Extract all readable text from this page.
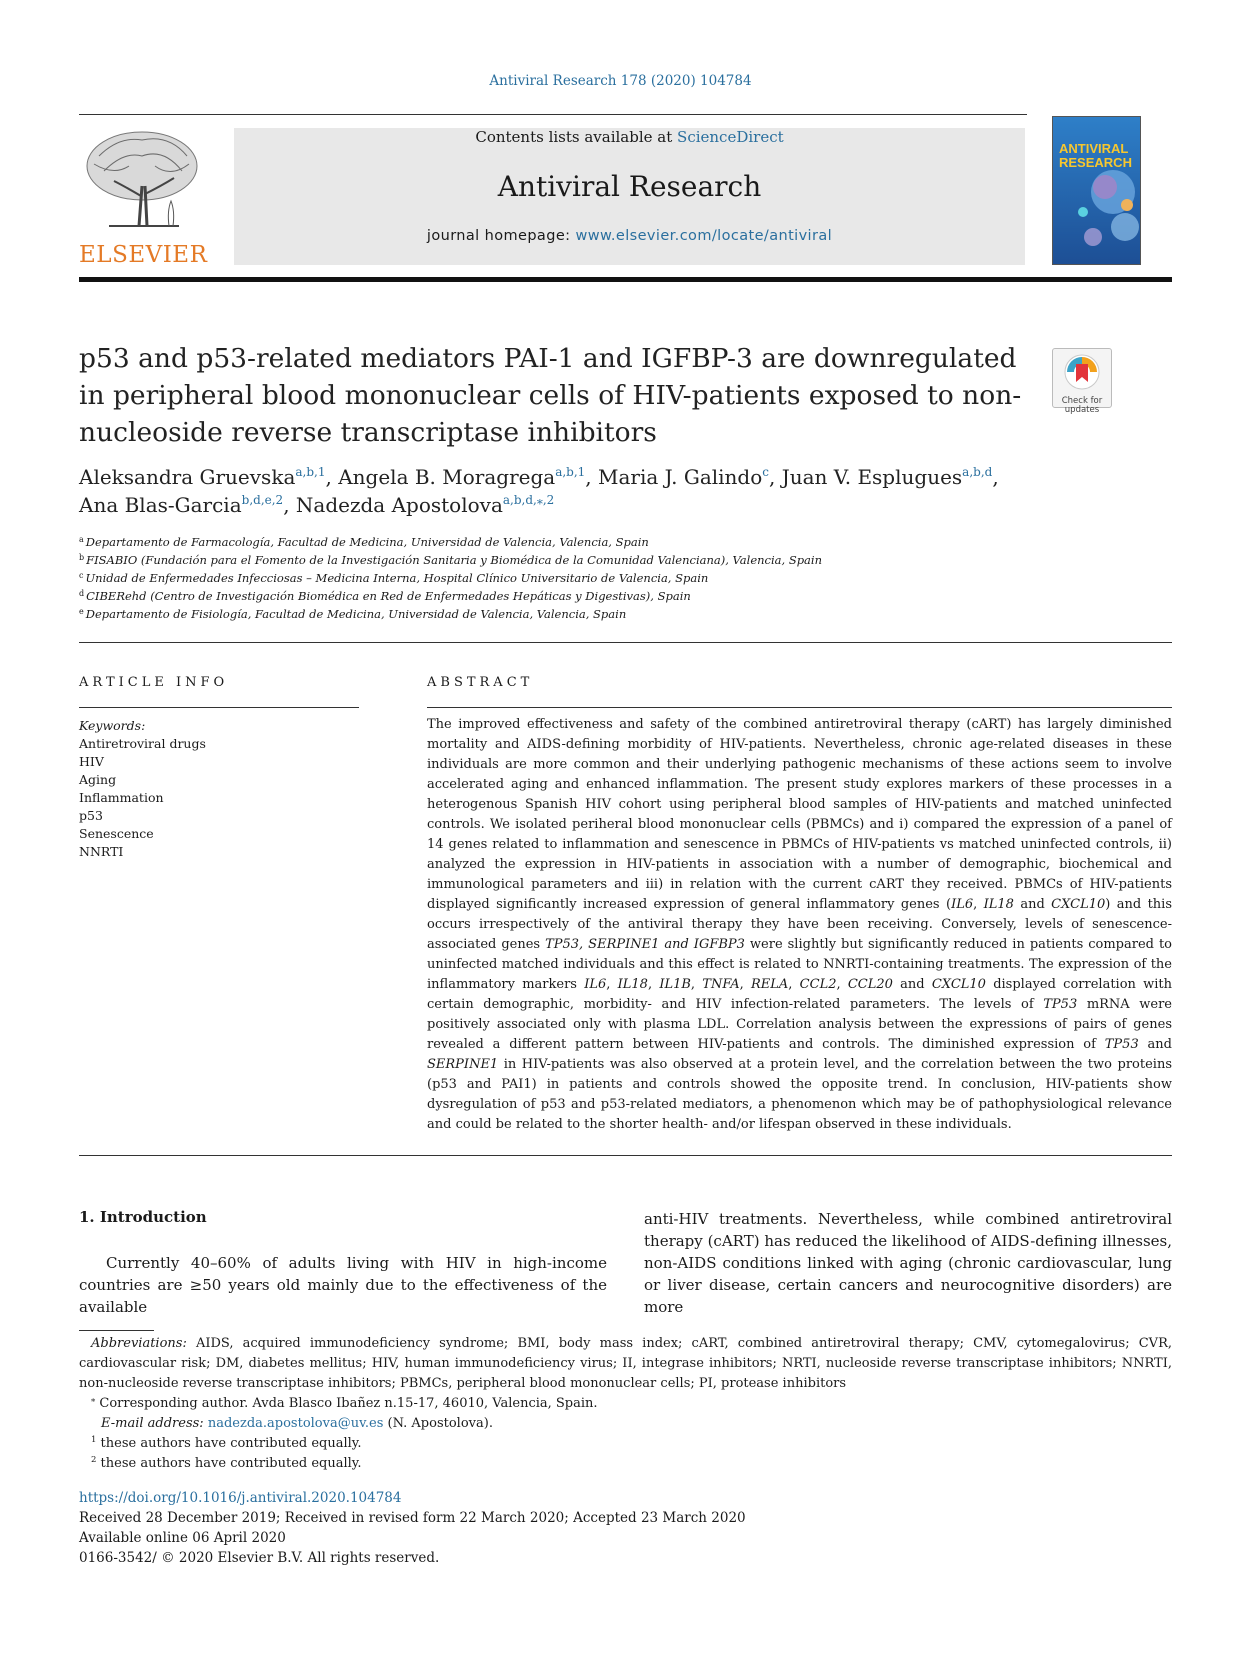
Antiviral Research 178 (2020) 104784
ELSEVIER
Contents lists available at ScienceDirect
Antiviral Research
journal homepage: www.elsevier.com/locate/antiviral
ANTIVIRAL
RESEARCH
p53 and p53-related mediators PAI-1 and IGFBP-3 are downregulated in peripheral blood mononuclear cells of HIV-patients exposed to non-nucleoside reverse transcriptase inhibitors
Check for
updates
Aleksandra Gruevska$^{a,b,1}$, Angela B. Moragrega$^{a,b,1}$, Maria J. Galindo$^c$, Juan V. Esplugues$^{a,b,d}$,
Ana Blas-Garcia$^{b,d,e,2}$, Nadezda Apostolova$^{a,b,d,⁎,2}$
$^a$ Departamento de Farmacología, Facultad de Medicina, Universidad de Valencia, Valencia, Spain
$^b$ FISABIO (Fundación para el Fomento de la Investigación Sanitaria y Biomédica de la Comunidad Valenciana), Valencia, Spain
$^c$ Unidad de Enfermedades Infecciosas – Medicina Interna, Hospital Clínico Universitario de Valencia, Spain
$^d$ CIBERehd (Centro de Investigación Biomédica en Red de Enfermedades Hepáticas y Digestivas), Spain
$^e$ Departamento de Fisiología, Facultad de Medicina, Universidad de Valencia, Valencia, Spain
ARTICLE INFO	ABSTRACT
Keywords:
Antiretroviral drugs
HIV
Aging
Inflammation
p53
Senescence
NNRTI
The improved effectiveness and safety of the combined antiretroviral therapy (cART) has largely diminished mortality and AIDS-defining morbidity of HIV-patients. Nevertheless, chronic age-related diseases in these individuals are more common and their underlying pathogenic mechanisms of these actions seem to involve accelerated aging and enhanced inflammation. The present study explores markers of these processes in a heterogenous Spanish HIV cohort using peripheral blood samples of HIV-patients and matched uninfected controls. We isolated periheral blood mononuclear cells (PBMCs) and i) compared the expression of a panel of 14 genes related to inflammation and senescence in PBMCs of HIV-patients vs matched uninfected controls, ii) analyzed the expression in HIV-patients in association with a number of demographic, biochemical and immunological parameters and iii) in relation with the current cART they received. PBMCs of HIV-patients displayed significantly increased expression of general inflammatory genes (IL6, IL18 and CXCL10) and this occurs irrespectively of the antiviral therapy they have been receiving. Conversely, levels of senescence-associated genes TP53, SERPINE1 and IGFBP3 were slightly but significantly reduced in patients compared to uninfected matched individuals and this effect is related to NNRTI-containing treatments. The expression of the inflammatory markers IL6, IL18, IL1B, TNFA, RELA, CCL2, CCL20 and CXCL10 displayed correlation with certain demographic, morbidity- and HIV infection-related parameters. The levels of TP53 mRNA were positively associated only with plasma LDL. Correlation analysis between the expressions of pairs of genes revealed a different pattern between HIV-patients and controls. The diminished expression of TP53 and SERPINE1 in HIV-patients was also observed at a protein level, and the correlation between the two proteins (p53 and PAI1) in patients and controls showed the opposite trend. In conclusion, HIV-patients show dysregulation of p53 and p53-related mediators, a phenomenon which may be of pathophysiological relevance and could be related to the shorter health- and/or lifespan observed in these individuals.
1. Introduction
Currently 40–60% of adults living with HIV in high-income countries are ≥50 years old mainly due to the effectiveness of the available
anti-HIV treatments. Nevertheless, while combined antiretroviral therapy (cART) has reduced the likelihood of AIDS-defining illnesses, non-AIDS conditions linked with aging (chronic cardiovascular, lung or liver disease, certain cancers and neurocognitive disorders) are more
Abbreviations: AIDS, acquired immunodeficiency syndrome; BMI, body mass index; cART, combined antiretroviral therapy; CMV, cytomegalovirus; CVR, cardiovascular risk; DM, diabetes mellitus; HIV, human immunodeficiency virus; II, integrase inhibitors; NRTI, nucleoside reverse transcriptase inhibitors; NNRTI, non-nucleoside reverse transcriptase inhibitors; PBMCs, peripheral blood mononuclear cells; PI, protease inhibitors
⁎ Corresponding author. Avda Blasco Ibañez n.15-17, 46010, Valencia, Spain.
E-mail address: nadezda.apostolova@uv.es (N. Apostolova).
$^1$ these authors have contributed equally.
$^2$ these authors have contributed equally.
https://doi.org/10.1016/j.antiviral.2020.104784
Received 28 December 2019; Received in revised form 22 March 2020; Accepted 23 March 2020
Available online 06 April 2020
0166-3542/ © 2020 Elsevier B.V. All rights reserved.
